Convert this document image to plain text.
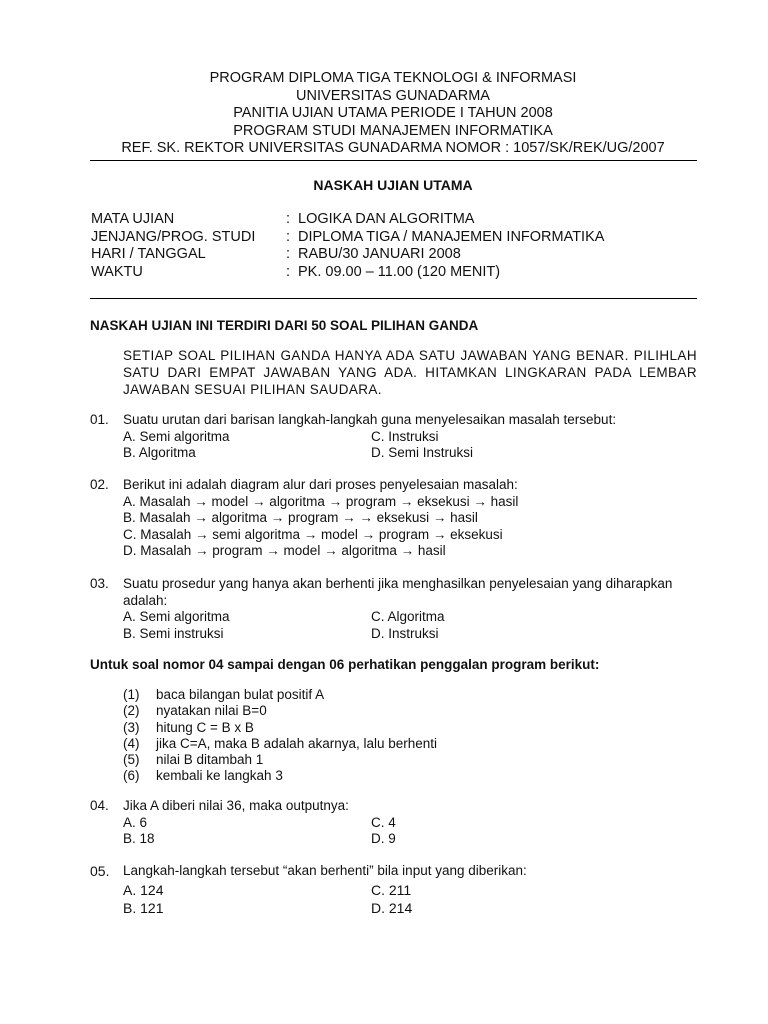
PROGRAM DIPLOMA TIGA TEKNOLOGI & INFORMASI
UNIVERSITAS GUNADARMA
PANITIA UJIAN UTAMA PERIODE I TAHUN 2008
PROGRAM STUDI MANAJEMEN INFORMATIKA
REF. SK. REKTOR UNIVERSITAS GUNADARMA NOMOR : 1057/SK/REK/UG/2007
NASKAH UJIAN UTAMA
MATA UJIAN	: LOGIKA DAN ALGORITMA
JENJANG/PROG. STUDI	: DIPLOMA TIGA / MANAJEMEN INFORMATIKA
HARI / TANGGAL	: RABU/30 JANUARI 2008
WAKTU	: PK. 09.00 – 11.00 (120 MENIT)
NASKAH UJIAN INI TERDIRI DARI 50 SOAL PILIHAN GANDA
SETIAP SOAL PILIHAN GANDA HANYA ADA SATU JAWABAN YANG BENAR. PILIHLAH SATU DARI EMPAT JAWABAN YANG ADA. HITAMKAN LINGKARAN PADA LEMBAR JAWABAN SESUAI PILIHAN SAUDARA.
01. Suatu urutan dari barisan langkah-langkah guna menyelesaikan masalah tersebut:
A. Semi algoritma	C. Instruksi
B. Algoritma	D. Semi Instruksi
02. Berikut ini adalah diagram alur dari proses penyelesaian masalah:
A. Masalah → model → algoritma → program → eksekusi → hasil
B. Masalah → algoritma → program → → eksekusi → hasil
C. Masalah → semi algoritma → model → program → eksekusi
D. Masalah → program → model → algoritma → hasil
03. Suatu prosedur yang hanya akan berhenti jika menghasilkan penyelesaian yang diharapkan
adalah:
A. Semi algoritma	C. Algoritma
B. Semi instruksi	D. Instruksi
Untuk soal nomor 04 sampai dengan 06 perhatikan penggalan program berikut:
(1) baca bilangan bulat positif A
(2) nyatakan nilai B=0
(3) hitung C = B x B
(4) jika C=A, maka B adalah akarnya, lalu berhenti
(5) nilai B ditambah 1
(6) kembali ke langkah 3
04. Jika A diberi nilai 36, maka outputnya:
A. 6	C. 4
B. 18	D. 9
05. Langkah-langkah tersebut “akan berhenti” bila input yang diberikan:
A. 124	C. 211
B. 121	D. 214
